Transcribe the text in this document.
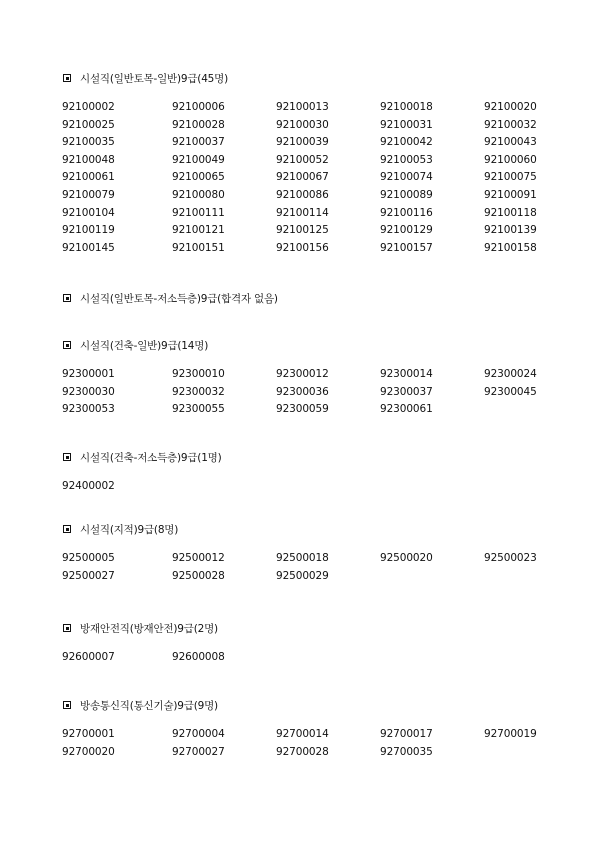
시설직(일반토목-일반)9급(45명)
92100002	92100006	92100013	92100018	92100020
92100025	92100028	92100030	92100031	92100032
92100035	92100037	92100039	92100042	92100043
92100048	92100049	92100052	92100053	92100060
92100061	92100065	92100067	92100074	92100075
92100079	92100080	92100086	92100089	92100091
92100104	92100111	92100114	92100116	92100118
92100119	92100121	92100125	92100129	92100139
92100145	92100151	92100156	92100157	92100158
시설직(일반토목-저소득층)9급(합격자 없음)
시설직(건축-일반)9급(14명)
92300001	92300010	92300012	92300014	92300024
92300030	92300032	92300036	92300037	92300045
92300053	92300055	92300059	92300061
시설직(건축-저소득층)9급(1명)
92400002
시설직(지적)9급(8명)
92500005	92500012	92500018	92500020	92500023
92500027	92500028	92500029
방재안전직(방재안전)9급(2명)
92600007	92600008
방송통신직(통신기술)9급(9명)
92700001	92700004	92700014	92700017	92700019
92700020	92700027	92700028	92700035
